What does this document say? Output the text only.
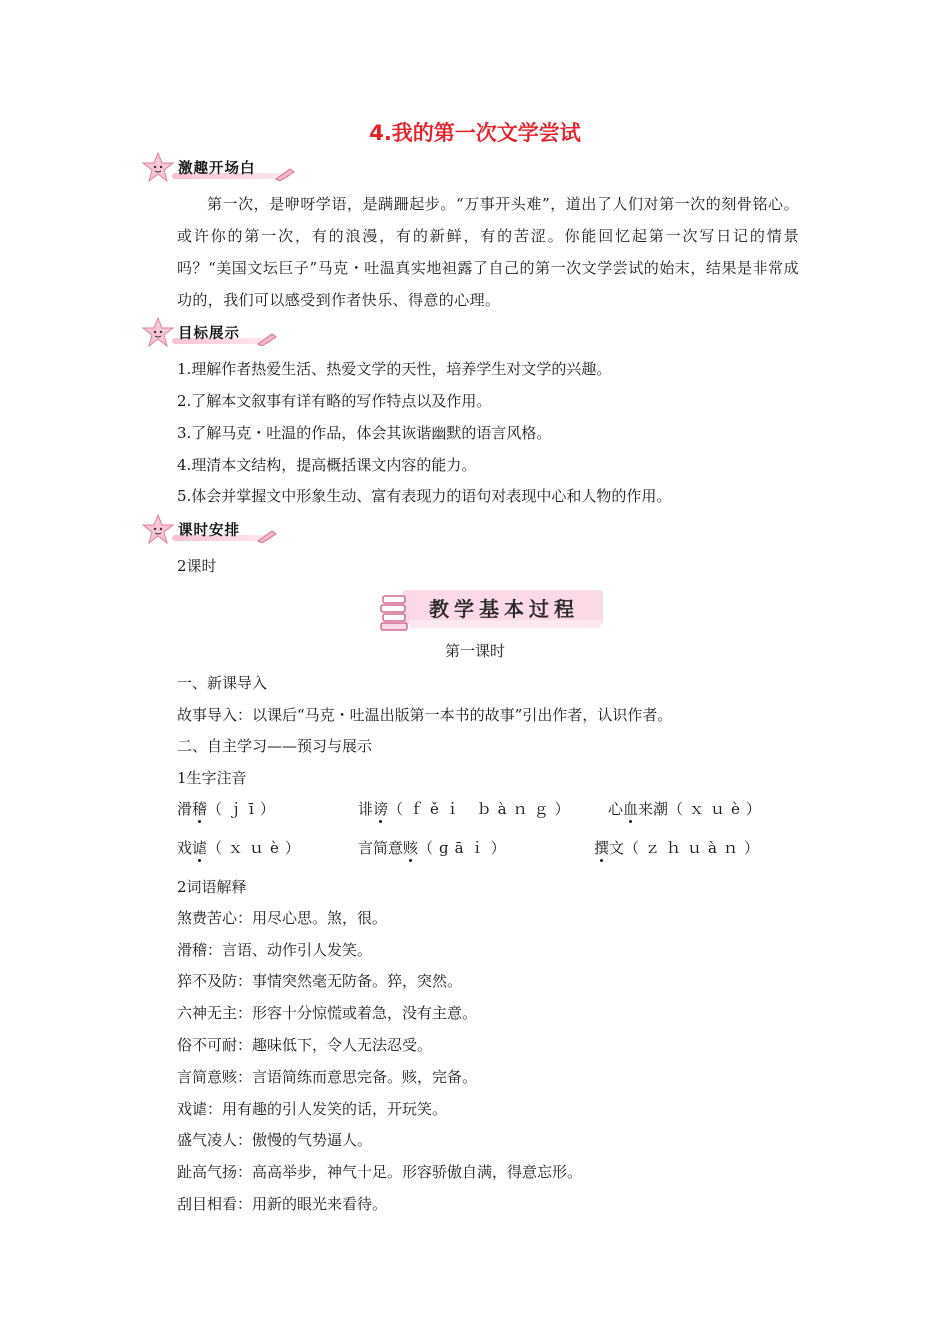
4.我的第一次文学尝试
激趣开场白
第一次，是咿呀学语，是蹒跚起步。“万事开头难”，道出了人们对第一次的刻骨铭心。或许你的第一次，有的浪漫，有的新鲜，有的苦涩。你能回忆起第一次写日记的情景吗？“美国文坛巨子”马克・吐温真实地袒露了自己的第一次文学尝试的始末，结果是非常成功的，我们可以感受到作者快乐、得意的心理。
目标展示
1.理解作者热爱生活、热爱文学的天性，培养学生对文学的兴趣。
2.了解本文叙事有详有略的写作特点以及作用。
3.了解马克・吐温的作品，体会其诙谐幽默的语言风格。
4.理清本文结构，提高概括课文内容的能力。
5.体会并掌握文中形象生动、富有表现力的语句对表现中心和人物的作用。
课时安排
2课时
教学基本过程
第一课时
一、新课导入
故事导入：以课后“马克・吐温出版第一本书的故事”引出作者，认识作者。
二、自主学习——预习与展示
1生字注音
滑稽（ｊī）	诽谤（ｆěｉ ｂàｎｇ） 心血来潮（ｘｕè）
戏谑（ｘｕè）	言简意赅（ɡāｉ）	撰文（ｚｈｕàｎ）
2词语解释
煞费苦心：用尽心思。煞，很。
滑稽：言语、动作引人发笑。
猝不及防：事情突然毫无防备。猝，突然。
六神无主：形容十分惊慌或着急，没有主意。
俗不可耐：趣味低下，令人无法忍受。
言简意赅：言语简练而意思完备。赅，完备。
戏谑：用有趣的引人发笑的话，开玩笑。
盛气凌人：傲慢的气势逼人。
趾高气扬：高高举步，神气十足。形容骄傲自满，得意忘形。
刮目相看：用新的眼光来看待。
